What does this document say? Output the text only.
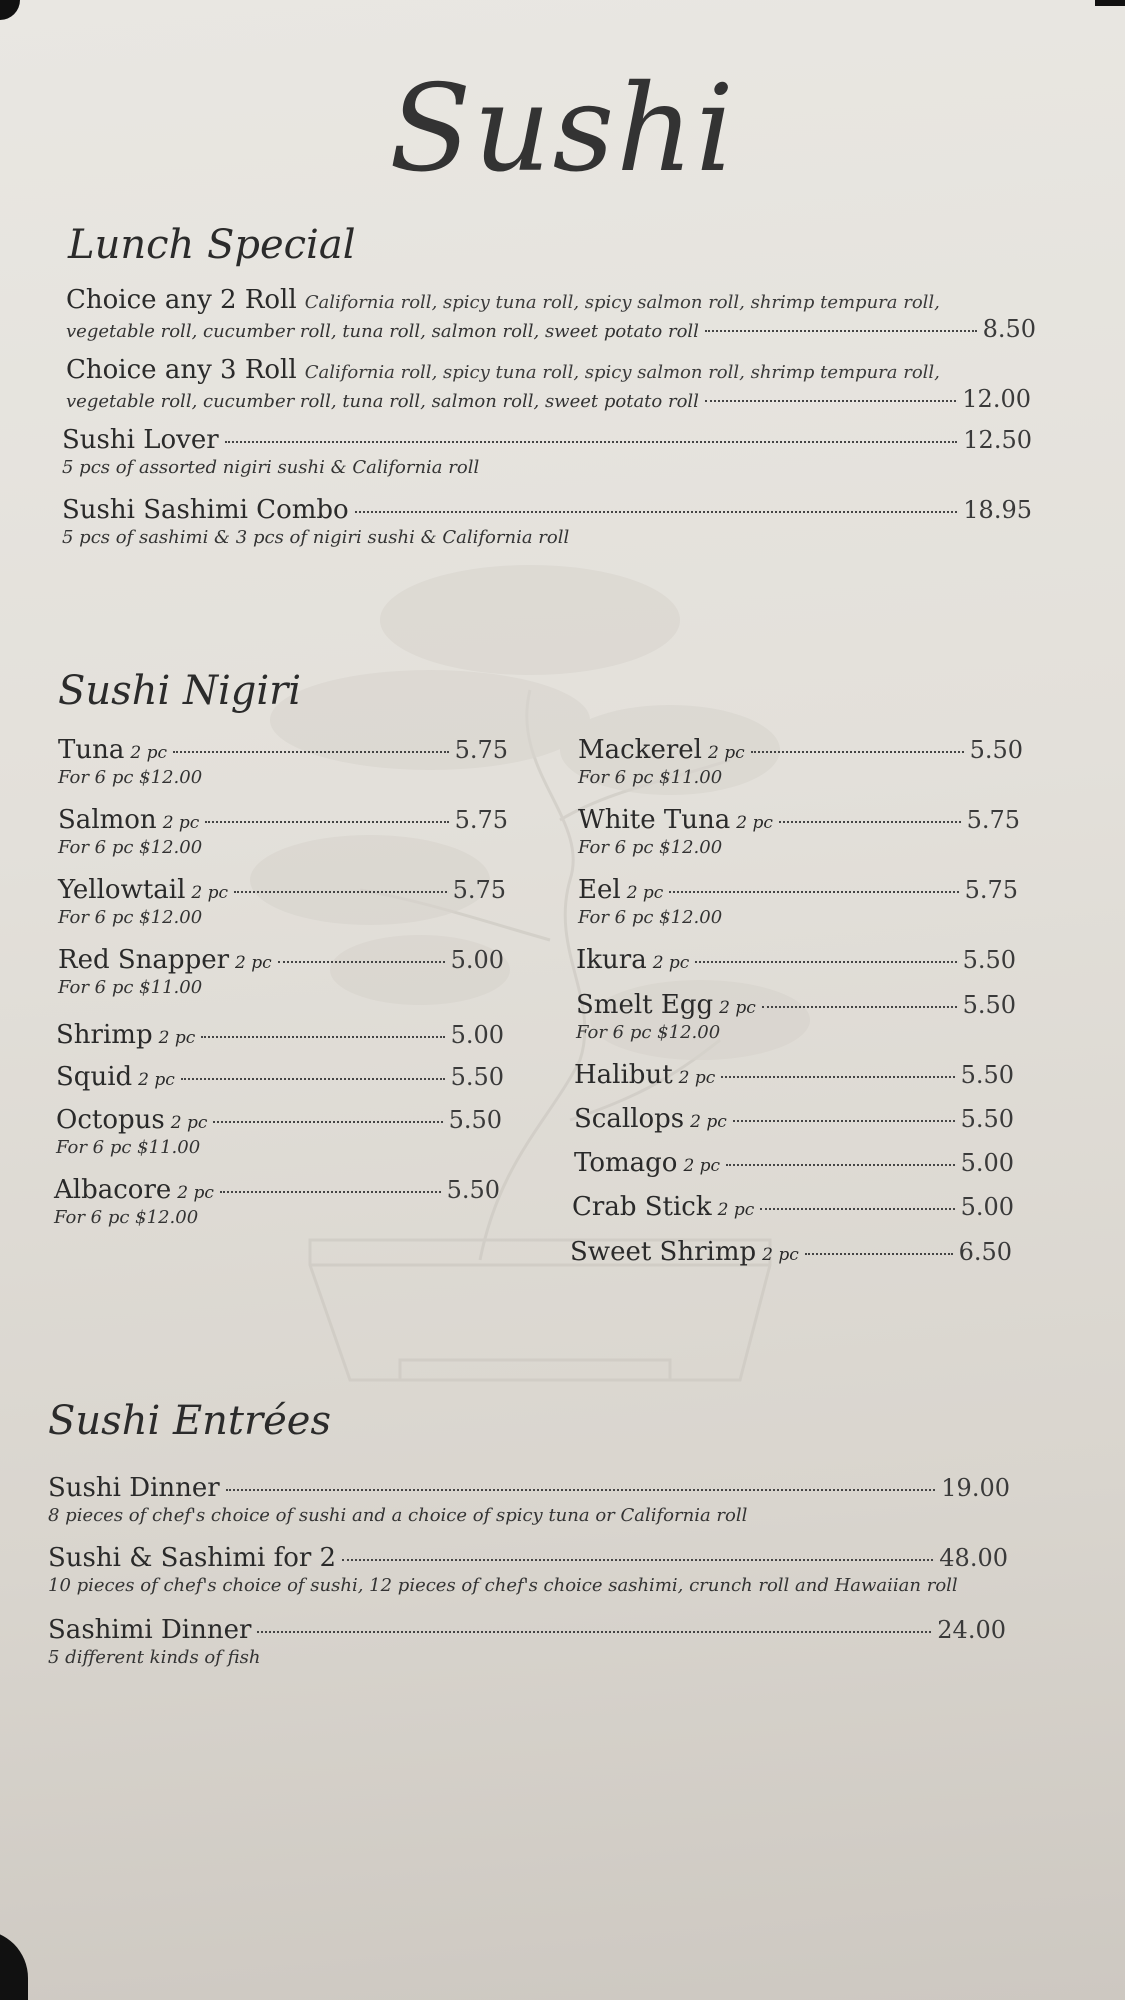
Sushi
Lunch Special
Choice any 2 Roll California roll, spicy tuna roll, spicy salmon roll, shrimp tempura roll,
vegetable roll, cucumber roll, tuna roll, salmon roll, sweet potato roll	8.50
Choice any 3 Roll California roll, spicy tuna roll, spicy salmon roll, shrimp tempura roll,
vegetable roll, cucumber roll, tuna roll, salmon roll, sweet potato roll	12.00
Sushi Lover	12.50
5 pcs of assorted nigiri sushi & California roll
Sushi Sashimi Combo	18.95
5 pcs of sashimi & 3 pcs of nigiri sushi & California roll
Sushi Nigiri
Tuna 2 pc	5.75
For 6 pc $12.00
Salmon 2 pc	5.75
For 6 pc $12.00
Yellowtail 2 pc	5.75
For 6 pc $12.00
Red Snapper 2 pc	5.00
For 6 pc $11.00
Shrimp 2 pc	5.00
Squid 2 pc	5.50
Octopus 2 pc	5.50
For 6 pc $11.00
Albacore 2 pc	5.50
For 6 pc $12.00
Mackerel 2 pc	5.50
For 6 pc $11.00
White Tuna 2 pc	5.75
For 6 pc $12.00
Eel 2 pc	5.75
For 6 pc $12.00
Ikura 2 pc	5.50
Smelt Egg 2 pc	5.50
For 6 pc $12.00
Halibut 2 pc	5.50
Scallops 2 pc	5.50
Tomago 2 pc	5.00
Crab Stick 2 pc	5.00
Sweet Shrimp 2 pc	6.50
Sushi Entrées
Sushi Dinner	19.00
8 pieces of chef's choice of sushi and a choice of spicy tuna or California roll
Sushi & Sashimi for 2	48.00
10 pieces of chef's choice of sushi, 12 pieces of chef's choice sashimi, crunch roll and Hawaiian roll
Sashimi Dinner	24.00
5 different kinds of fish
